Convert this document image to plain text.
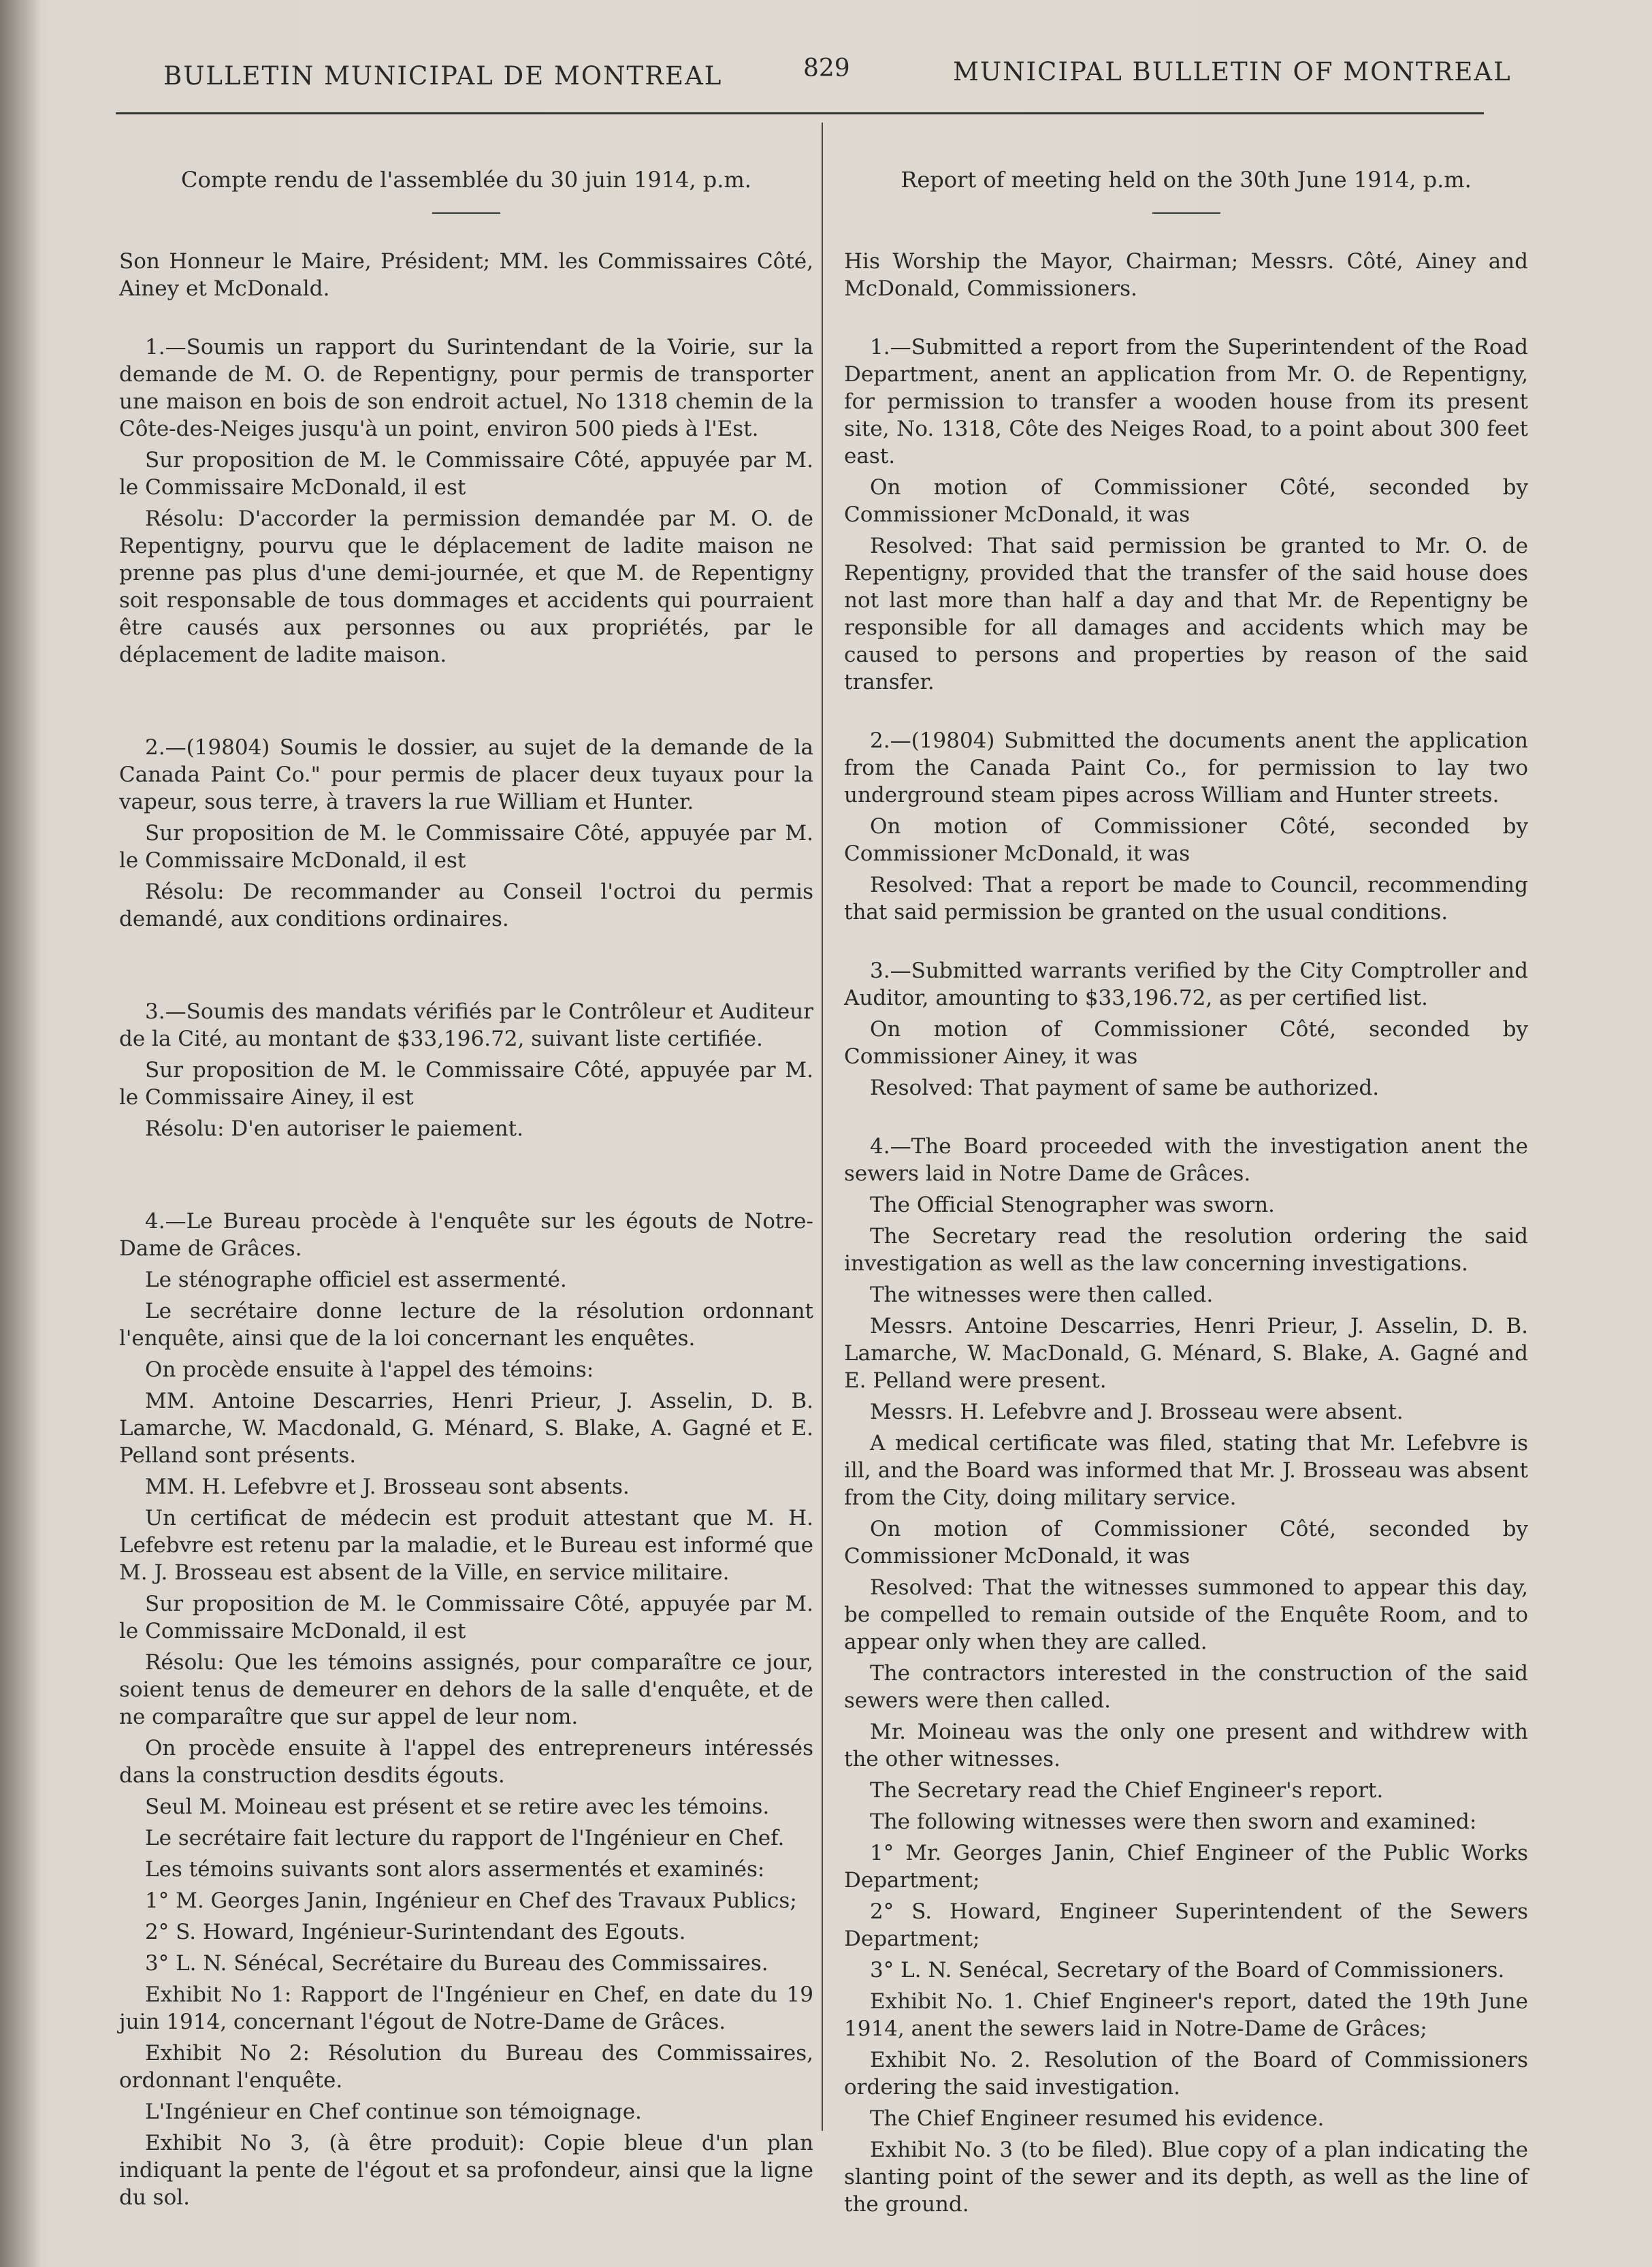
BULLETIN MUNICIPAL DE MONTREAL	829	MUNICIPAL BULLETIN OF MONTREAL
Compte rendu de l'assemblée du 30 juin 1914, p.m.

Son Honneur le Maire, Président; MM. les Commissaires Côté, Ainey et McDonald.

1.—Soumis un rapport du Surintendant de la Voirie, sur la demande de M. O. de Repentigny, pour permis de transporter une maison en bois de son endroit actuel, No 1318 chemin de la Côte-des-Neiges jusqu'à un point, environ 500 pieds à l'Est.

Sur proposition de M. le Commissaire Côté, appuyée par M. le Commissaire McDonald, il est

Résolu: D'accorder la permission demandée par M. O. de Repentigny, pourvu que le déplacement de ladite maison ne prenne pas plus d'une demi-journée, et que M. de Repentigny soit responsable de tous dommages et accidents qui pourraient être causés aux personnes ou aux propriétés, par le déplacement de ladite maison.

2.—(19804) Soumis le dossier, au sujet de la demande de la Canada Paint Co." pour permis de placer deux tuyaux pour la vapeur, sous terre, à travers la rue William et Hunter.

Sur proposition de M. le Commissaire Côté, appuyée par M. le Commissaire McDonald, il est

Résolu: De recommander au Conseil l'octroi du permis demandé, aux conditions ordinaires.

3.—Soumis des mandats vérifiés par le Contrôleur et Auditeur de la Cité, au montant de $33,196.72, suivant liste certifiée.

Sur proposition de M. le Commissaire Côté, appuyée par M. le Commissaire Ainey, il est

Résolu: D'en autoriser le paiement.

4.—Le Bureau procède à l'enquête sur les égouts de Notre-Dame de Grâces.

Le sténographe officiel est assermenté.

Le secrétaire donne lecture de la résolution ordonnant l'enquête, ainsi que de la loi concernant les enquêtes.

On procède ensuite à l'appel des témoins:

MM. Antoine Descarries, Henri Prieur, J. Asselin, D. B. Lamarche, W. Macdonald, G. Ménard, S. Blake, A. Gagné et E. Pelland sont présents.

MM. H. Lefebvre et J. Brosseau sont absents.

Un certificat de médecin est produit attestant que M. H. Lefebvre est retenu par la maladie, et le Bureau est informé que M. J. Brosseau est absent de la Ville, en service militaire.

Sur proposition de M. le Commissaire Côté, appuyée par M. le Commissaire McDonald, il est

Résolu: Que les témoins assignés, pour comparaître ce jour, soient tenus de demeurer en dehors de la salle d'enquête, et de ne comparaître que sur appel de leur nom.

On procède ensuite à l'appel des entrepreneurs intéressés dans la construction desdits égouts.

Seul M. Moineau est présent et se retire avec les témoins.

Le secrétaire fait lecture du rapport de l'Ingénieur en Chef.

Les témoins suivants sont alors assermentés et examinés:

1° M. Georges Janin, Ingénieur en Chef des Travaux Publics;

2° S. Howard, Ingénieur-Surintendant des Egouts.

3° L. N. Sénécal, Secrétaire du Bureau des Commissaires.

Exhibit No 1: Rapport de l'Ingénieur en Chef, en date du 19 juin 1914, concernant l'égout de Notre-Dame de Grâces.

Exhibit No 2: Résolution du Bureau des Commissaires, ordonnant l'enquête.

L'Ingénieur en Chef continue son témoignage.

Exhibit No 3, (à être produit): Copie bleue d'un plan indiquant la pente de l'égout et sa profondeur, ainsi que la ligne du sol.

Report of meeting held on the 30th June 1914, p.m.

His Worship the Mayor, Chairman; Messrs. Côté, Ainey and McDonald, Commissioners.

1.—Submitted a report from the Superintendent of the Road Department, anent an application from Mr. O. de Repentigny, for permission to transfer a wooden house from its present site, No. 1318, Côte des Neiges Road, to a point about 300 feet east.

On motion of Commissioner Côté, seconded by Commissioner McDonald, it was

Resolved: That said permission be granted to Mr. O. de Repentigny, provided that the transfer of the said house does not last more than half a day and that Mr. de Repentigny be responsible for all damages and accidents which may be caused to persons and properties by reason of the said transfer.

2.—(19804) Submitted the documents anent the application from the Canada Paint Co., for permission to lay two underground steam pipes across William and Hunter streets.

On motion of Commissioner Côté, seconded by Commissioner McDonald, it was

Resolved: That a report be made to Council, recommending that said permission be granted on the usual conditions.

3.—Submitted warrants verified by the City Comptroller and Auditor, amounting to $33,196.72, as per certified list.

On motion of Commissioner Côté, seconded by Commissioner Ainey, it was

Resolved: That payment of same be authorized.

4.—The Board proceeded with the investigation anent the sewers laid in Notre Dame de Grâces.

The Official Stenographer was sworn.

The Secretary read the resolution ordering the said investigation as well as the law concerning investigations.

The witnesses were then called.

Messrs. Antoine Descarries, Henri Prieur, J. Asselin, D. B. Lamarche, W. MacDonald, G. Ménard, S. Blake, A. Gagné and E. Pelland were present.

Messrs. H. Lefebvre and J. Brosseau were absent.

A medical certificate was filed, stating that Mr. Lefebvre is ill, and the Board was informed that Mr. J. Brosseau was absent from the City, doing military service.

On motion of Commissioner Côté, seconded by Commissioner McDonald, it was

Resolved: That the witnesses summoned to appear this day, be compelled to remain outside of the Enquête Room, and to appear only when they are called.

The contractors interested in the construction of the said sewers were then called.

Mr. Moineau was the only one present and withdrew with the other witnesses.

The Secretary read the Chief Engineer's report.

The following witnesses were then sworn and examined:

1° Mr. Georges Janin, Chief Engineer of the Public Works Department;

2° S. Howard, Engineer Superintendent of the Sewers Department;

3° L. N. Senécal, Secretary of the Board of Commissioners.

Exhibit No. 1. Chief Engineer's report, dated the 19th June 1914, anent the sewers laid in Notre-Dame de Grâces;

Exhibit No. 2. Resolution of the Board of Commissioners ordering the said investigation.

The Chief Engineer resumed his evidence.

Exhibit No. 3 (to be filed). Blue copy of a plan indicating the slanting point of the sewer and its depth, as well as the line of the ground.
